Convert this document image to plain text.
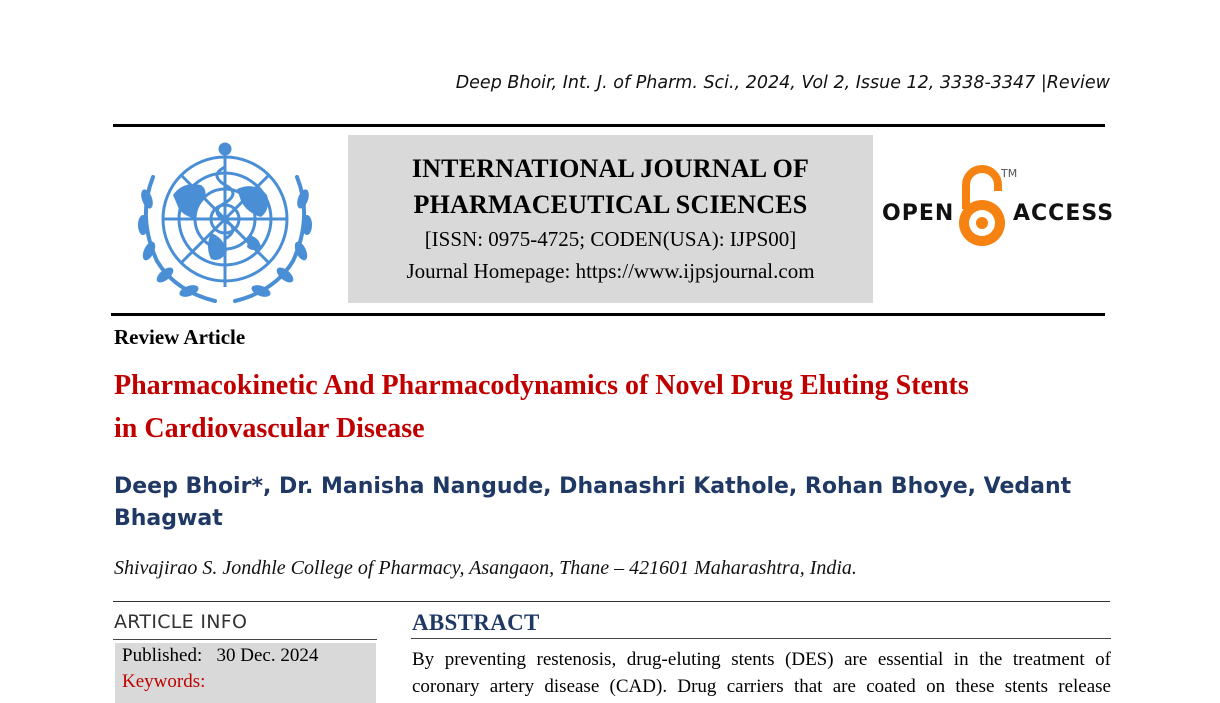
Deep Bhoir, Int. J. of Pharm. Sci., 2024, Vol 2, Issue 12, 3338-3347 |Review
INTERNATIONAL JOURNAL OF
PHARMACEUTICAL SCIENCES
[ISSN: 0975-4725; CODEN(USA): IJPS00]
Journal Homepage: https://www.ijpsjournal.com
OPEN
TM
ACCESS
Review Article
Pharmacokinetic And Pharmacodynamics of Novel Drug Eluting Stents
in Cardiovascular Disease
Deep Bhoir*, Dr. Manisha Nangude, Dhanashri Kathole, Rohan Bhoye, Vedant
Bhagwat
Shivajirao S. Jondhle College of Pharmacy, Asangaon, Thane – 421601 Maharashtra, India.
ARTICLE INFO
Published:   30 Dec. 2024
Keywords:
ABSTRACT
By preventing restenosis, drug-eluting stents (DES) are essential in the treatment of
coronary artery disease (CAD). Drug carriers that are coated on these stents release
